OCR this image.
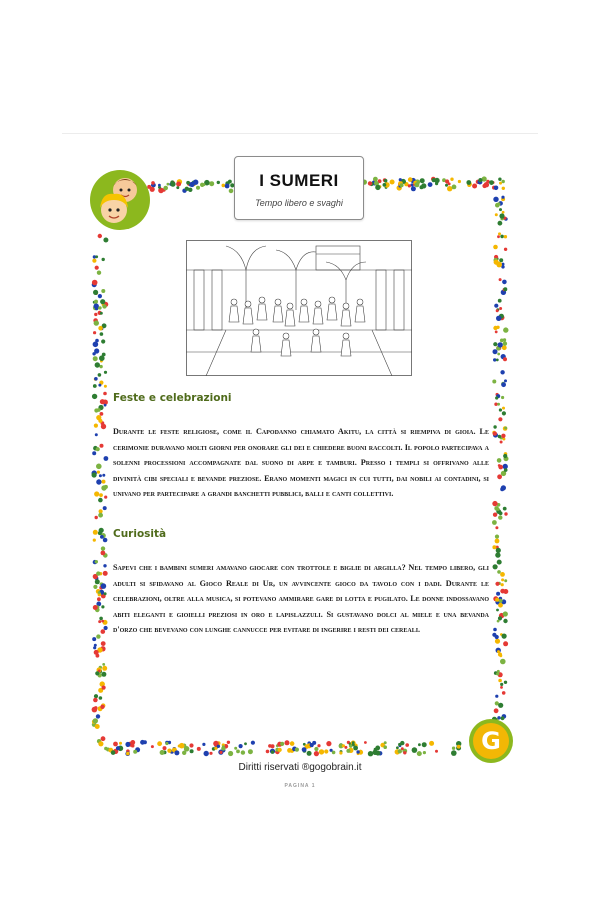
G
I SUMERI
Tempo libero e svaghi
Feste e celebrazioni

Durante le feste religiose, come il Capodanno chiamato Akitu, la città si riempiva di gioia. Le cerimonie duravano molti giorni per onorare gli dei e chiedere buoni raccolti. Il popolo partecipava a solenni processioni accompagnate dal suono di arpe e tamburi. Presso i templi si offrivano alle divinità cibi speciali e bevande preziose. Erano momenti magici in cui tutti, dai nobili ai contadini, si univano per partecipare a grandi banchetti pubblici, balli e canti collettivi.

Curiosità

Sapevi che i bambini sumeri amavano giocare con trottole e biglie di argilla? Nel tempo libero, gli adulti si sfidavano al Gioco Reale di Ur, un avvincente gioco da tavolo con i dadi. Durante le celebrazioni, oltre alla musica, si potevano ammirare gare di lotta e pugilato. Le donne indossavano abiti eleganti e gioielli preziosi in oro e lapislazzuli. Si gustavano dolci al miele e una bevanda d'orzo che bevevano con lunghe cannucce per evitare di ingerire i resti dei cereali.

Diritti riservati ®gogobrain.it
PAGINA 1
